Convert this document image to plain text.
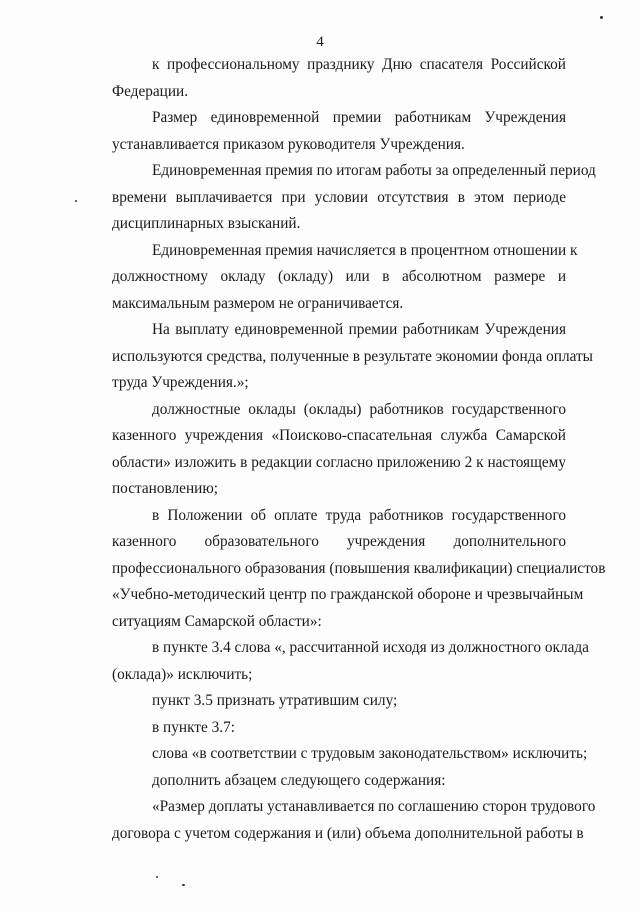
4
к профессиональному празднику Дню спасателя Российской
Федерации.
Размер единовременной премии работникам Учреждения
устанавливается приказом руководителя Учреждения.
Единовременная премия по итогам работы за определенный период
времени выплачивается при условии отсутствия в этом периоде
дисциплинарных взысканий.
Единовременная премия начисляется в процентном отношении к
должностному окладу (окладу) или в абсолютном размере и
максимальным размером не ограничивается.
На выплату единовременной премии работникам Учреждения
используются средства, полученные в результате экономии фонда оплаты
труда Учреждения.»;
должностные оклады (оклады) работников государственного
казенного учреждения «Поисково-спасательная служба Самарской
области» изложить в редакции согласно приложению 2 к настоящему
постановлению;
в Положении об оплате труда работников государственного
казенного образовательного учреждения дополнительного
профессионального образования (повышения квалификации) специалистов
«Учебно-методический центр по гражданской обороне и чрезвычайным
ситуациям Самарской области»:
в пункте 3.4 слова «, рассчитанной исходя из должностного оклада
(оклада)» исключить;
пункт 3.5 признать утратившим силу;
в пункте 3.7:
слова «в соответствии с трудовым законодательством» исключить;
дополнить абзацем следующего содержания:
«Размер доплаты устанавливается по соглашению сторон трудового
договора с учетом содержания и (или) объема дополнительной работы в
